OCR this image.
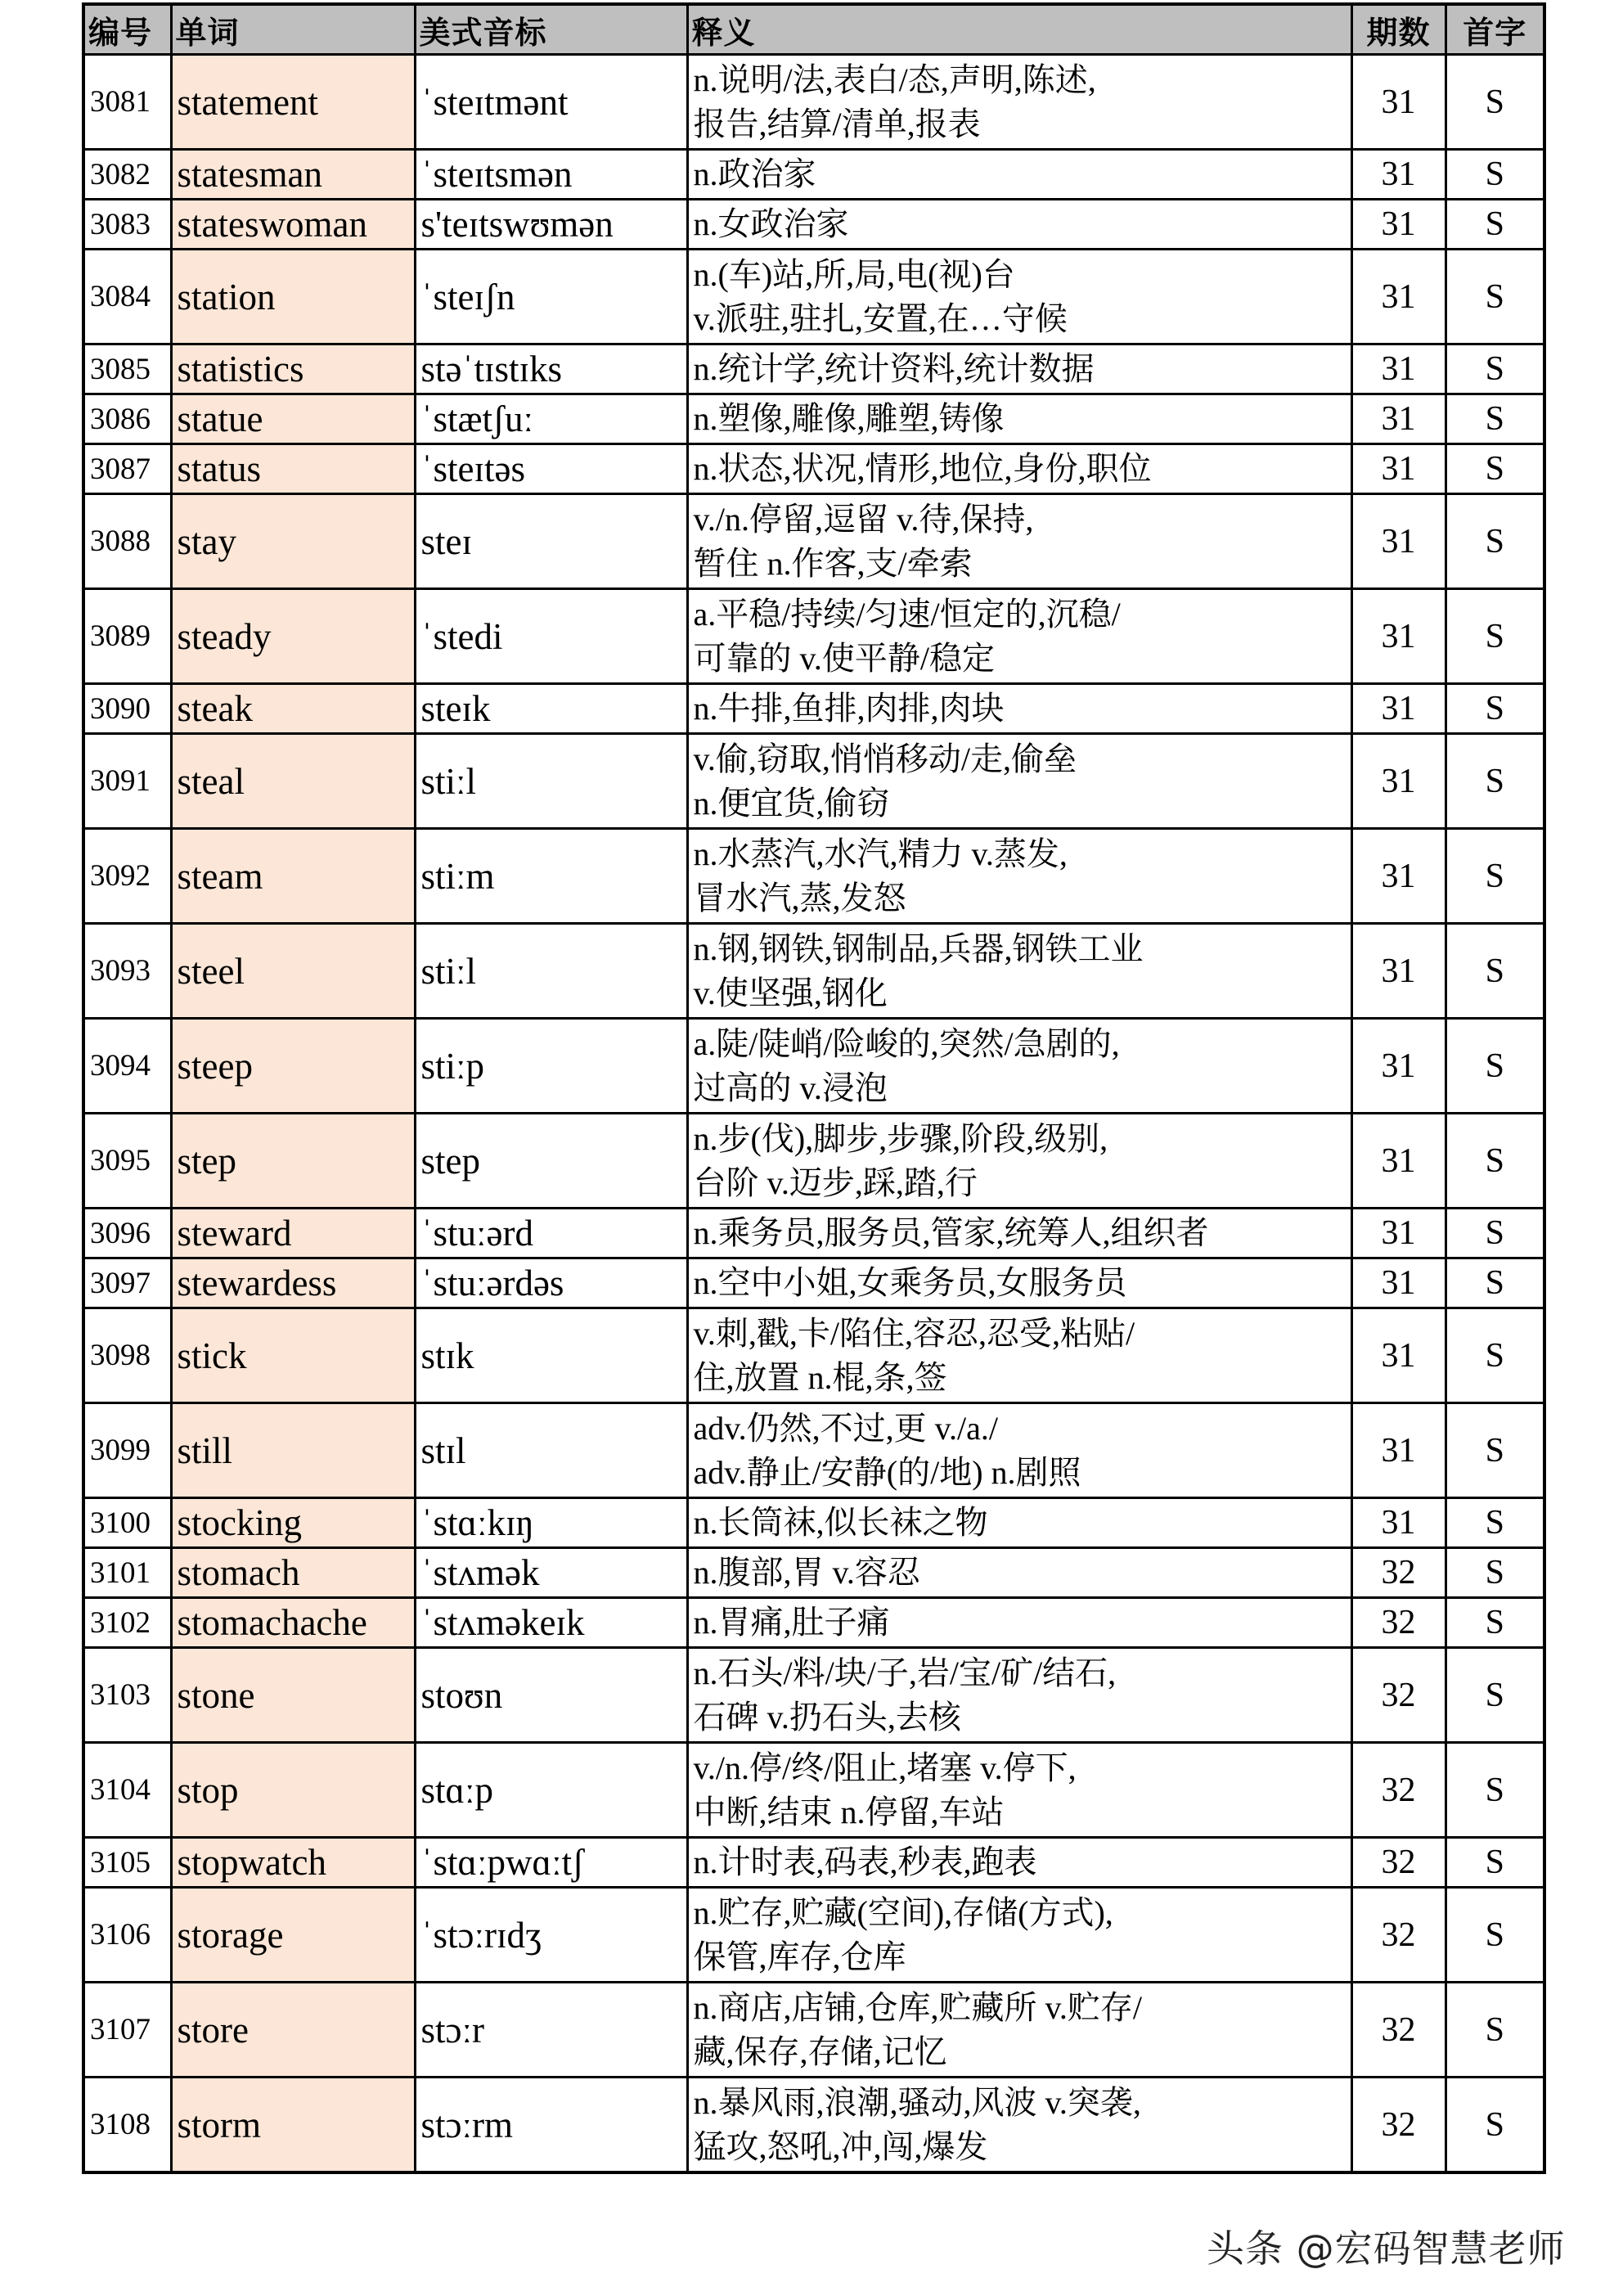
编号	单词	美式音标	释义	期数	首字
3081	statement	ˈsteɪtmənt	n.说明/法,表白/态,声明,陈述,
报告,结算/清单,报表	31	S
3082	statesman	ˈsteɪtsmən	n.政治家	31	S
3083	stateswoman	s'teɪtswʊmən	n.女政治家	31	S
3084	station	ˈsteɪʃn	n.(车)站,所,局,电(视)台
v.派驻,驻扎,安置,在…守候	31	S
3085	statistics	stəˈtɪstɪks	n.统计学,统计资料,统计数据	31	S
3086	statue	ˈstætʃuː	n.塑像,雕像,雕塑,铸像	31	S
3087	status	ˈsteɪtəs	n.状态,状况,情形,地位,身份,职位	31	S
3088	stay	steɪ	v./n.停留,逗留 v.待,保持,
暂住 n.作客,支/牵索	31	S
3089	steady	ˈstedi	a.平稳/持续/匀速/恒定的,沉稳/
可靠的 v.使平静/稳定	31	S
3090	steak	steɪk	n.牛排,鱼排,肉排,肉块	31	S
3091	steal	stiːl	v.偷,窃取,悄悄移动/走,偷垒
n.便宜货,偷窃	31	S
3092	steam	stiːm	n.水蒸汽,水汽,精力 v.蒸发,
冒水汽,蒸,发怒	31	S
3093	steel	stiːl	n.钢,钢铁,钢制品,兵器,钢铁工业
v.使坚强,钢化	31	S
3094	steep	stiːp	a.陡/陡峭/险峻的,突然/急剧的,
过高的 v.浸泡	31	S
3095	step	step	n.步(伐),脚步,步骤,阶段,级别,
台阶 v.迈步,踩,踏,行	31	S
3096	steward	ˈstuːərd	n.乘务员,服务员,管家,统筹人,组织者	31	S
3097	stewardess	ˈstuːərdəs	n.空中小姐,女乘务员,女服务员	31	S
3098	stick	stɪk	v.刺,戳,卡/陷住,容忍,忍受,粘贴/
住,放置 n.棍,条,签	31	S
3099	still	stɪl	adv.仍然,不过,更 v./a./
adv.静止/安静(的/地) n.剧照	31	S
3100	stocking	ˈstɑːkɪŋ	n.长筒袜,似长袜之物	31	S
3101	stomach	ˈstʌmək	n.腹部,胃 v.容忍	32	S
3102	stomachache	ˈstʌməkeɪk	n.胃痛,肚子痛	32	S
3103	stone	stoʊn	n.石头/料/块/子,岩/宝/矿/结石,
石碑 v.扔石头,去核	32	S
3104	stop	stɑːp	v./n.停/终/阻止,堵塞 v.停下,
中断,结束 n.停留,车站	32	S
3105	stopwatch	ˈstɑːpwɑːtʃ	n.计时表,码表,秒表,跑表	32	S
3106	storage	ˈstɔːrɪdʒ	n.贮存,贮藏(空间),存储(方式),
保管,库存,仓库	32	S
3107	store	stɔːr	n.商店,店铺,仓库,贮藏所 v.贮存/
藏,保存,存储,记忆	32	S
3108	storm	stɔːrm	n.暴风雨,浪潮,骚动,风波 v.突袭,
猛攻,怒吼,冲,闯,爆发	32	S
头条 @宏码智慧老师
